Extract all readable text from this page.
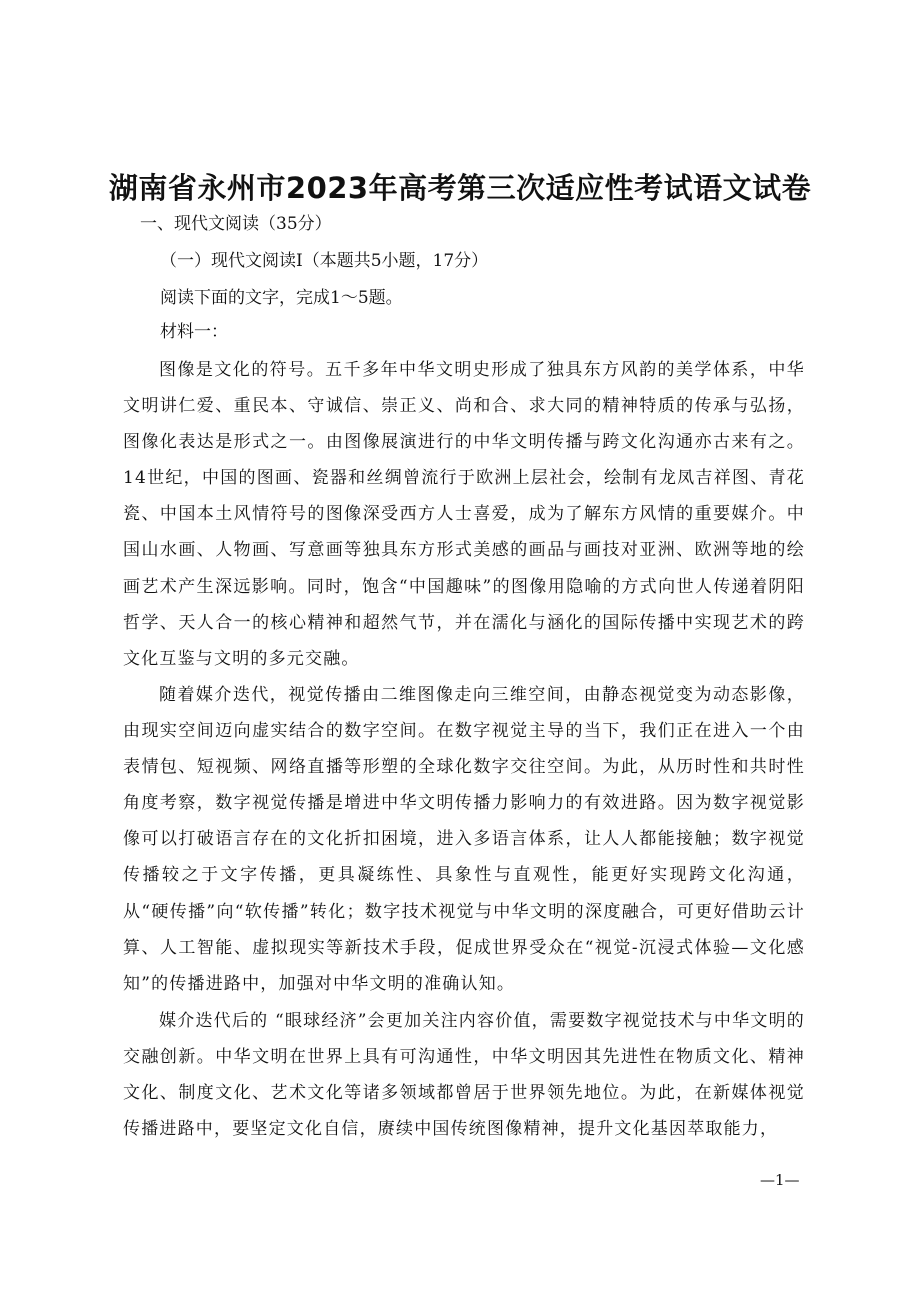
湖南省永州市2023年高考第三次适应性考试语文试卷
一、现代文阅读（35分）
（一）现代文阅读I（本题共5小题，17分）
阅读下面的文字，完成1～5题。
材料一：

图像是文化的符号。五千多年中华文明史形成了独具东方风韵的美学体系，中华文明讲仁爱、重民本、守诚信、崇正义、尚和合、求大同的精神特质的传承与弘扬，图像化表达是形式之一。由图像展演进行的中华文明传播与跨文化沟通亦古来有之。14世纪，中国的图画、瓷器和丝绸曾流行于欧洲上层社会，绘制有龙凤吉祥图、青花瓷、中国本土风情符号的图像深受西方人士喜爱，成为了解东方风情的重要媒介。中国山水画、人物画、写意画等独具东方形式美感的画品与画技对亚洲、欧洲等地的绘画艺术产生深远影响。同时，饱含“中国趣味”的图像用隐喻的方式向世人传递着阴阳哲学、天人合一的核心精神和超然气节，并在濡化与涵化的国际传播中实现艺术的跨文化互鉴与文明的多元交融。

随着媒介迭代，视觉传播由二维图像走向三维空间，由静态视觉变为动态影像，由现实空间迈向虚实结合的数字空间。在数字视觉主导的当下，我们正在进入一个由表情包、短视频、网络直播等形塑的全球化数字交往空间。为此，从历时性和共时性角度考察，数字视觉传播是增进中华文明传播力影响力的有效进路。因为数字视觉影像可以打破语言存在的文化折扣困境，进入多语言体系，让人人都能接触；数字视觉传播较之于文字传播，更具凝练性、具象性与直观性，能更好实现跨文化沟通，从“硬传播”向“软传播”转化；数字技术视觉与中华文明的深度融合，可更好借助云计算、人工智能、虚拟现实等新技术手段，促成世界受众在“视觉-沉浸式体验—文化感知”的传播进路中，加强对中华文明的准确认知。

媒介迭代后的 “眼球经济”会更加关注内容价值，需要数字视觉技术与中华文明的交融创新。中华文明在世界上具有可沟通性，中华文明因其先进性在物质文化、精神文化、制度文化、艺术文化等诸多领域都曾居于世界领先地位。为此，在新媒体视觉传播进路中，要坚定文化自信，赓续中国传统图像精神，提升文化基因萃取能力，

—1—
